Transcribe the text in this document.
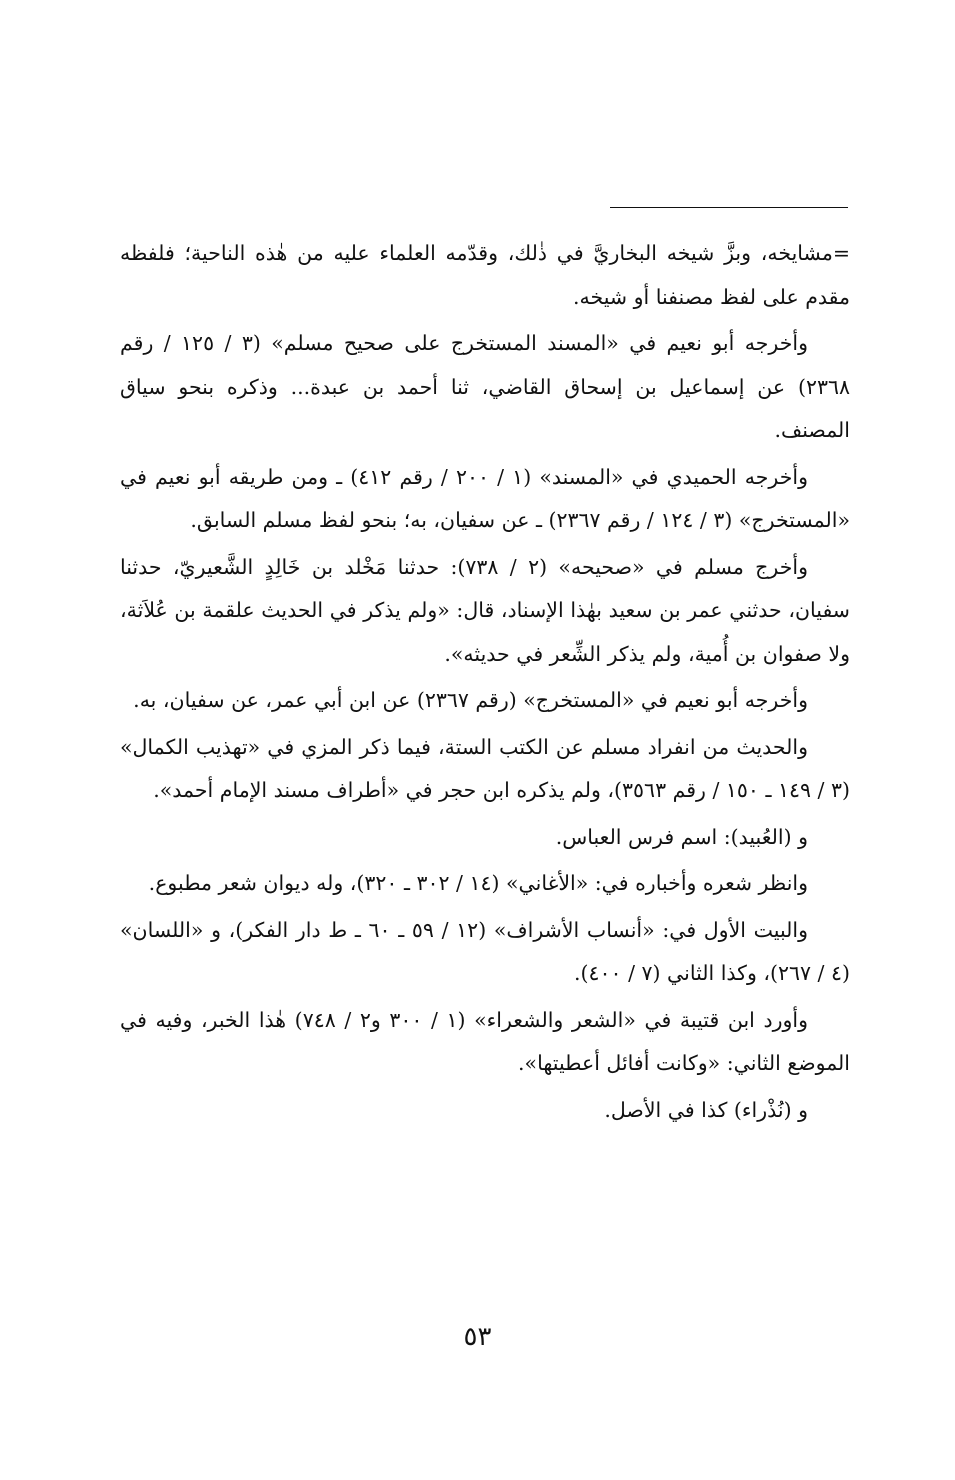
=مشايخه، وبزَّ شيخه البخاريَّ في ذٰلك، وقدّمه العلماء عليه من هٰذه الناحية؛ فلفظه مقدم على لفظ مصنفنا أو شيخه.

وأخرجه أبو نعيم في «المسند المستخرج على صحيح مسلم» (٣ / ١٢٥ / رقم ٢٣٦٨) عن إسماعيل بن إسحاق القاضي، ثنا أحمد بن عبدة... وذكره بنحو سياق المصنف.

وأخرجه الحميدي في «المسند» (١ / ٢٠٠ / رقم ٤١٢) ـ ومن طريقه أبو نعيم في «المستخرج» (٣ / ١٢٤ / رقم ٢٣٦٧) ـ عن سفيان، به؛ بنحو لفظ مسلم السابق.

وأخرج مسلم في «صحيحه» (٢ / ٧٣٨): حدثنا مَخْلد بن خَالِدٍ الشَّعيريّ، حدثنا سفيان، حدثني عمر بن سعيد بهٰذا الإسناد، قال: «ولم يذكر في الحديث علقمة بن عُلاَثة، ولا صفوان بن أُمية، ولم يذكر الشِّعر في حديثه».

وأخرجه أبو نعيم في «المستخرج» (رقم ٢٣٦٧) عن ابن أبي عمر، عن سفيان، به.

والحديث من انفراد مسلم عن الكتب الستة، فيما ذكر المزي في «تهذيب الكمال» (٣ / ١٤٩ ـ ١٥٠ / رقم ٣٥٦٣)، ولم يذكره ابن حجر في «أطراف مسند الإمام أحمد».

و (العُبيد): اسم فرس العباس.

وانظر شعره وأخباره في: «الأغاني» (١٤ / ٣٠٢ ـ ٣٢٠)، وله ديوان شعر مطبوع.

والبيت الأول في: «أنساب الأشراف» (١٢ / ٥٩ ـ ٦٠ ـ ط دار الفكر)، و «اللسان» (٤ / ٢٦٧)، وكذا الثاني (٧ / ٤٠٠).

وأورد ابن قتيبة في «الشعر والشعراء» (١ / ٣٠٠ و٢ / ٧٤٨) هٰذا الخبر، وفيه في الموضع الثاني: «وكانت أفائل أعطيتها».

و (نُذْراء) كذا في الأصل.

٥٣
